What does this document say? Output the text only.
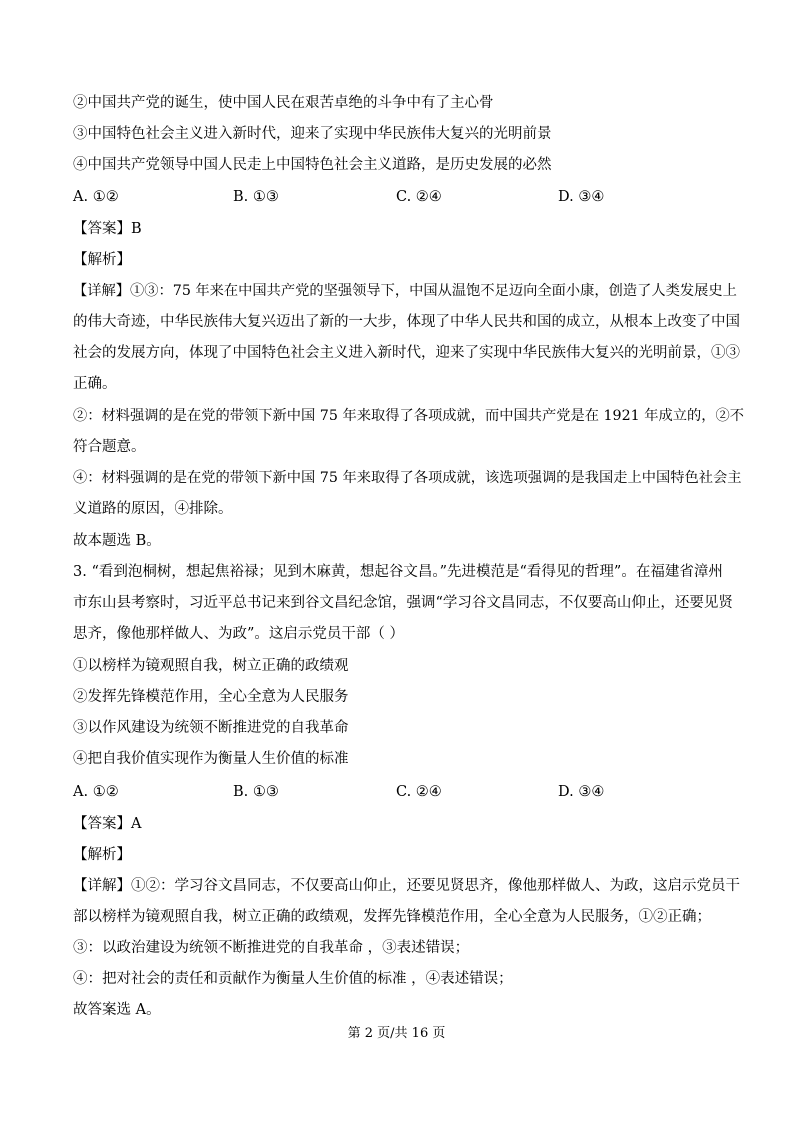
②中国共产党的诞生，使中国人民在艰苦卓绝的斗争中有了主心骨
③中国特色社会主义进入新时代，迎来了实现中华民族伟大复兴的光明前景
④中国共产党领导中国人民走上中国特色社会主义道路，是历史发展的必然
A. ①②	B. ①③	C. ②④	D. ③④
【答案】B
【解析】
【详解】①③：75 年来在中国共产党的坚强领导下，中国从温饱不足迈向全面小康，创造了人类发展史上
的伟大奇迹，中华民族伟大复兴迈出了新的一大步，体现了中华人民共和国的成立，从根本上改变了中国
社会的发展方向，体现了中国特色社会主义进入新时代，迎来了实现中华民族伟大复兴的光明前景，①③
正确。
②：材料强调的是在党的带领下新中国 75 年来取得了各项成就，而中国共产党是在 1921 年成立的，②不
符合题意。
④：材料强调的是在党的带领下新中国 75 年来取得了各项成就，该选项强调的是我国走上中国特色社会主
义道路的原因，④排除。
故本题选 B。
3. “看到泡桐树，想起焦裕禄；见到木麻黄，想起谷文昌。”先进模范是“看得见的哲理”。在福建省漳州
市东山县考察时，习近平总书记来到谷文昌纪念馆，强调“学习谷文昌同志，不仅要高山仰止，还要见贤
思齐，像他那样做人、为政”。这启示党员干部（ ）
①以榜样为镜观照自我，树立正确的政绩观
②发挥先锋模范作用，全心全意为人民服务
③以作风建设为统领不断推进党的自我革命
④把自我价值实现作为衡量人生价值的标准
A. ①②	B. ①③	C. ②④	D. ③④
【答案】A
【解析】
【详解】①②：学习谷文昌同志，不仅要高山仰止，还要见贤思齐，像他那样做人、为政，这启示党员干
部以榜样为镜观照自我，树立正确的政绩观，发挥先锋模范作用，全心全意为人民服务，①②正确；
③：以政治建设为统领不断推进党的自我革命 ，③表述错误；
④：把对社会的责任和贡献作为衡量人生价值的标准 ，④表述错误；
故答案选 A。
第 2 页/共 16 页
